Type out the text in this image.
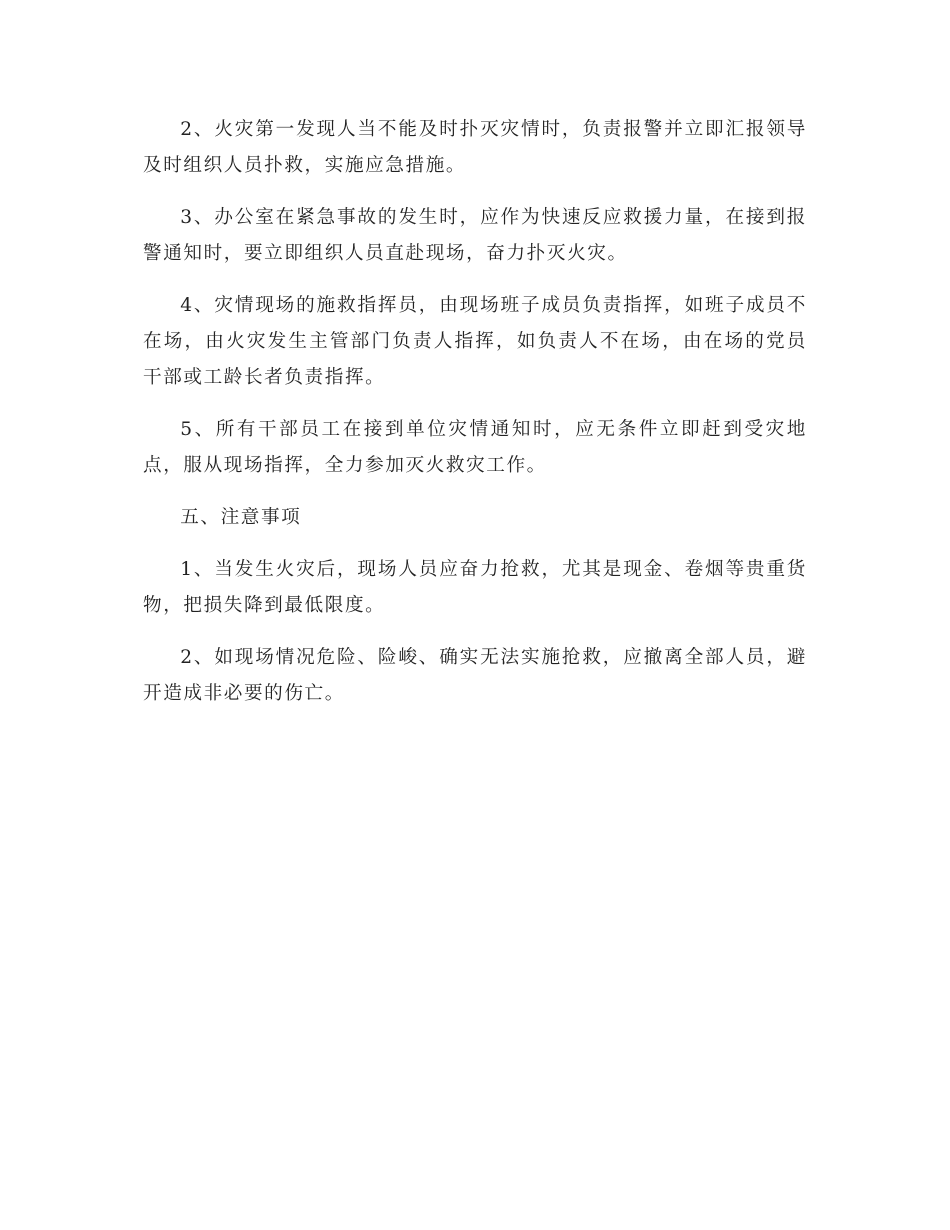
2、火灾第一发现人当不能及时扑灭灾情时，负责报警并立即汇报领导及时组织人员扑救，实施应急措施。

3、办公室在紧急事故的发生时，应作为快速反应救援力量，在接到报警通知时，要立即组织人员直赴现场，奋力扑灭火灾。

4、灾情现场的施救指挥员，由现场班子成员负责指挥，如班子成员不在场，由火灾发生主管部门负责人指挥，如负责人不在场，由在场的党员干部或工龄长者负责指挥。

5、所有干部员工在接到单位灾情通知时，应无条件立即赶到受灾地点，服从现场指挥，全力参加灭火救灾工作。

五、注意事项

1、当发生火灾后，现场人员应奋力抢救，尤其是现金、卷烟等贵重货物，把损失降到最低限度。

2、如现场情况危险、险峻、确实无法实施抢救，应撤离全部人员，避开造成非必要的伤亡。
